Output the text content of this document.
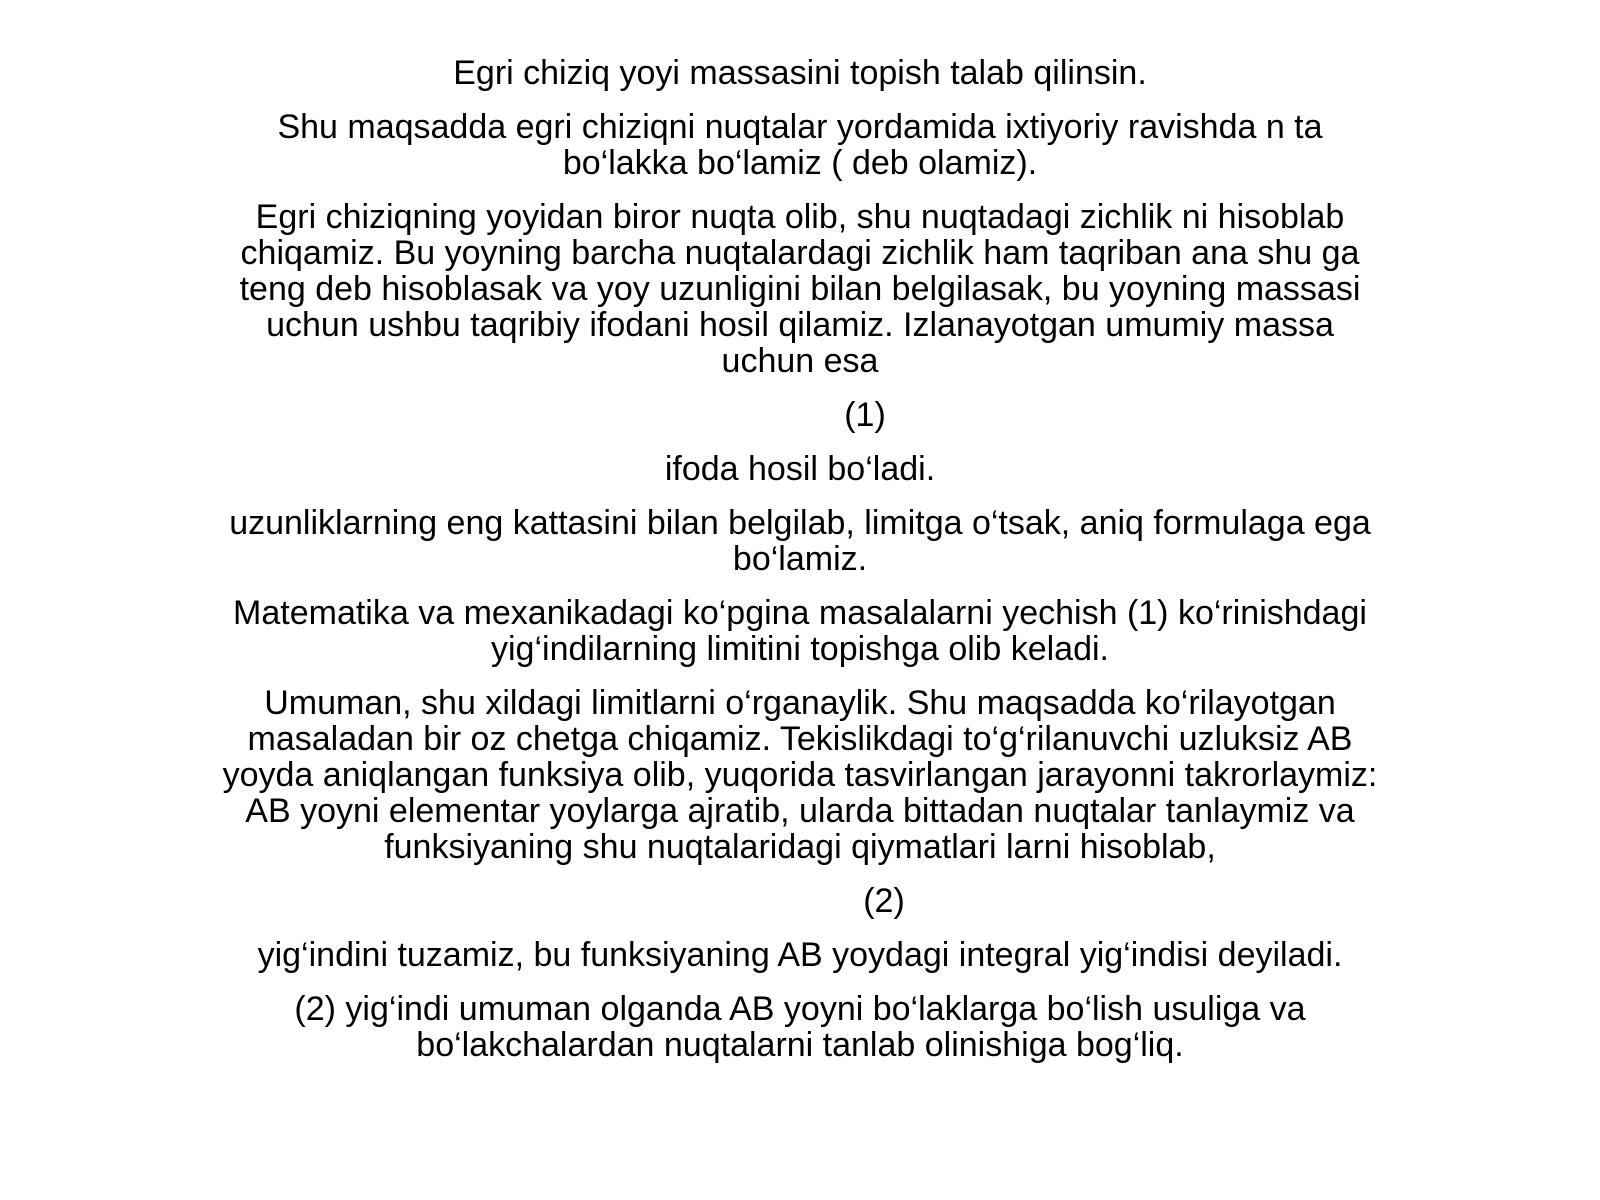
Egri chiziq yoyi massasini topish talab qilinsin.

Shu maqsadda egri chiziqni nuqtalar yordamida ixtiyoriy ravishda n ta bo‘lakka bo‘lamiz ( deb olamiz).

Egri chiziqning yoyidan biror nuqta olib, shu nuqtadagi zichlik ni hisoblab chiqamiz. Bu yoyning barcha nuqtalardagi zichlik ham taqriban ana shu ga teng deb hisoblasak va yoy uzunligini bilan belgilasak, bu yoyning massasi uchun ushbu taqribiy ifodani hosil qilamiz. Izlanayotgan umumiy massa uchun esa

(1)

ifoda hosil bo‘ladi.

uzunliklarning eng kattasini bilan belgilab, limitga o‘tsak, aniq formulaga ega bo‘lamiz.

Matematika va mexanikadagi ko‘pgina masalalarni yechish (1) ko‘rinishdagi yig‘indilarning limitini topishga olib keladi.

Umuman, shu xildagi limitlarni o‘rganaylik. Shu maqsadda ko‘rilayotgan masaladan bir oz chetga chiqamiz. Tekislikdagi to‘g‘rilanuvchi uzluksiz AB yoyda aniqlangan funksiya olib, yuqorida tasvirlangan jarayonni takrorlaymiz: AB yoyni elementar yoylarga ajratib, ularda bittadan nuqtalar tanlaymiz va funksiyaning shu nuqtalaridagi qiymatlari larni hisoblab,

(2)

yig‘indini tuzamiz, bu funksiyaning AB yoydagi integral yig‘indisi deyiladi.

(2) yig‘indi umuman olganda AB yoyni bo‘laklarga bo‘lish usuliga va bo‘lakchalardan nuqtalarni tanlab olinishiga bog‘liq.
